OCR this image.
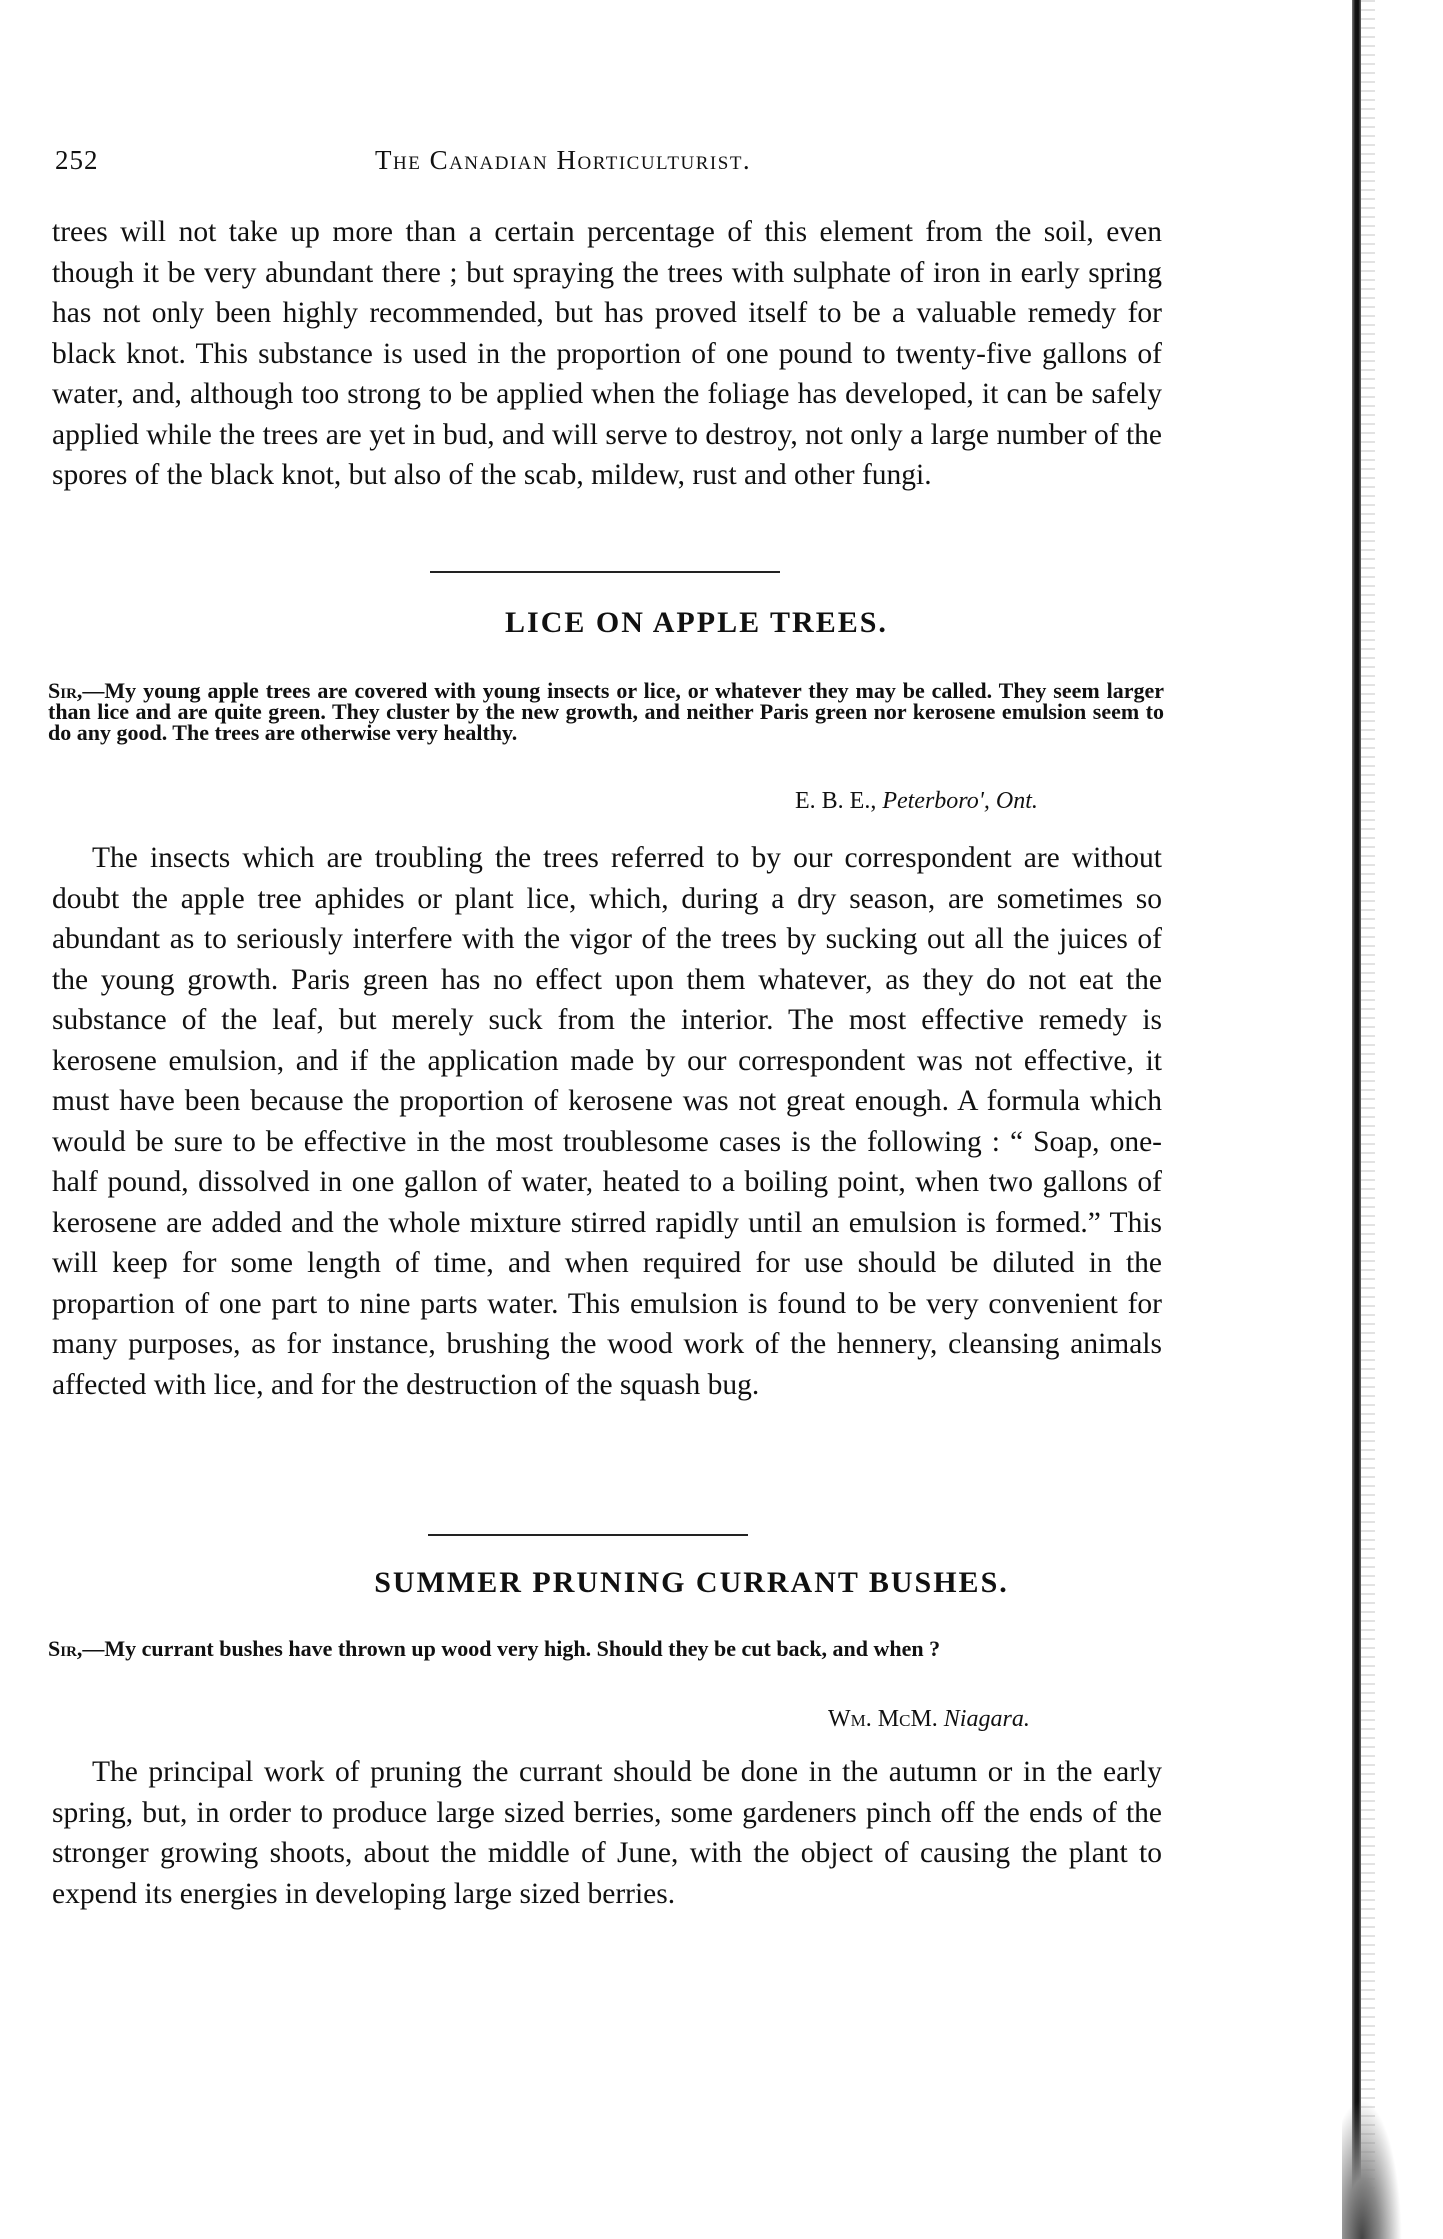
252	The Canadian Horticulturist.

trees will not take up more than a certain percentage of this element from the soil, even though it be very abundant there ; but spraying the trees with sulphate of iron in early spring has not only been highly recommended, but has proved itself to be a valuable remedy for black knot. This substance is used in the proportion of one pound to twenty-five gallons of water, and, although too strong to be applied when the foliage has developed, it can be safely applied while the trees are yet in bud, and will serve to destroy, not only a large number of the spores of the black knot, but also of the scab, mildew, rust and other fungi.

LICE ON APPLE TREES.

Sir,—My young apple trees are covered with young insects or lice, or whatever they may be called. They seem larger than lice and are quite green. They cluster by the new growth, and neither Paris green nor kerosene emulsion seem to do any good. The trees are otherwise very healthy.

E. B. E., Peterboro', Ont.

The insects which are troubling the trees referred to by our correspondent are without doubt the apple tree aphides or plant lice, which, during a dry season, are sometimes so abundant as to seriously interfere with the vigor of the trees by sucking out all the juices of the young growth. Paris green has no effect upon them whatever, as they do not eat the substance of the leaf, but merely suck from the interior. The most effective remedy is kerosene emulsion, and if the application made by our correspondent was not effective, it must have been because the proportion of kerosene was not great enough. A formula which would be sure to be effective in the most troublesome cases is the following : “ Soap, one-half pound, dissolved in one gallon of water, heated to a boiling point, when two gallons of kerosene are added and the whole mixture stirred rapidly until an emulsion is formed.” This will keep for some length of time, and when required for use should be diluted in the propartion of one part to nine parts water. This emulsion is found to be very convenient for many purposes, as for instance, brushing the wood work of the hennery, cleansing animals affected with lice, and for the destruction of the squash bug.

SUMMER PRUNING CURRANT BUSHES.

Sir,—My currant bushes have thrown up wood very high. Should they be cut back, and when ?

Wm. McM. Niagara.

The principal work of pruning the currant should be done in the autumn or in the early spring, but, in order to produce large sized berries, some gardeners pinch off the ends of the stronger growing shoots, about the middle of June, with the object of causing the plant to expend its energies in developing large sized berries.
